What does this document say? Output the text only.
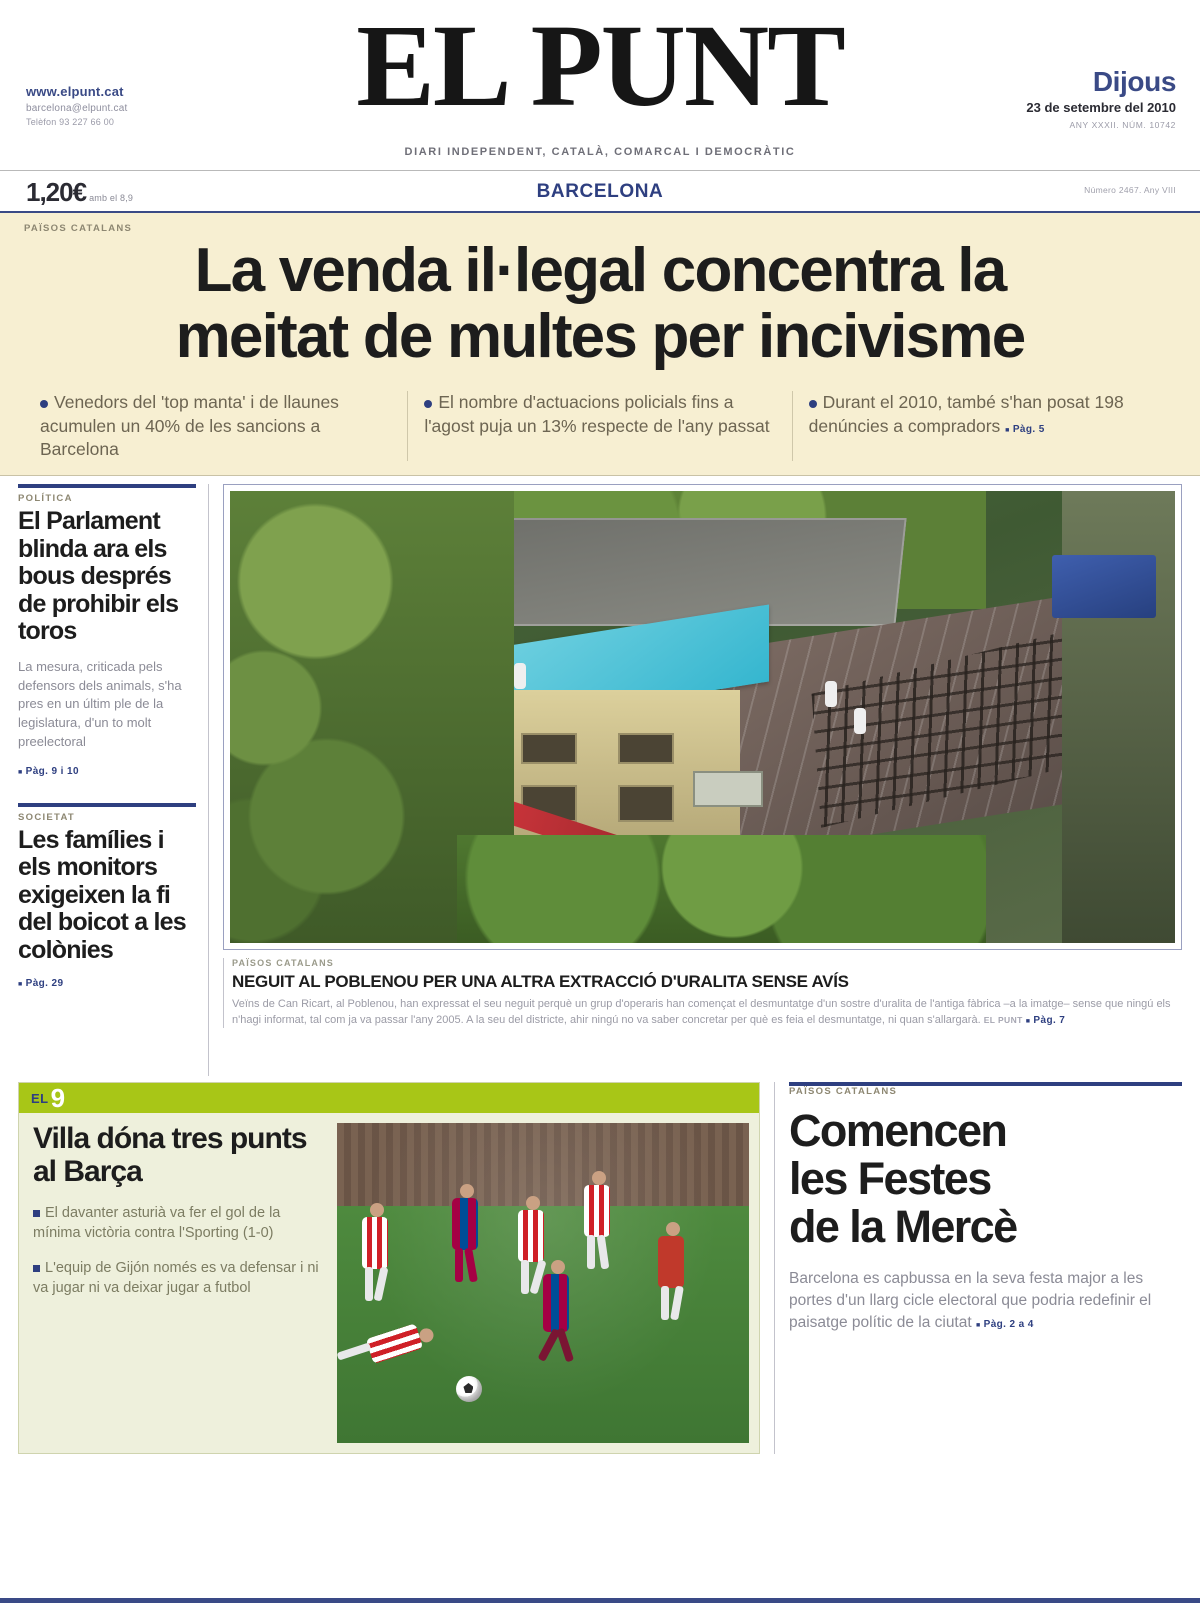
www.elpunt.cat
barcelona@elpunt.cat
Telèfon 93 227 66 00	EL PUNT
DIARI INDEPENDENT, CATALÀ, COMARCAL I DEMOCRÀTIC
Dijous
23 de setembre del 2010
ANY XXXII. NÚM. 10742
1,20€ amb el 8,9	BARCELONA	Número 2467. Any VIII
PAÏSOS CATALANS
La venda il·legal concentra la
meitat de multes per incivisme
Venedors del 'top manta' i de llaunes acumulen un 40% de les sancions a Barcelona
El nombre d'actuacions policials fins a l'agost puja un 13% respecte de l'any passat
Durant el 2010, també s'han posat 198 denúncies a compradors ■ Pàg. 5
POLÍTICA
El Parlament blinda ara els bous després de prohibir els toros

La mesura, criticada pels defensors dels animals, s'ha pres en un últim ple de la legislatura, d'un to molt preelectoral

■ Pàg. 9 i 10
SOCIETAT
Les famílies i els monitors exigeixen la fi del boicot a les colònies
■ Pàg. 29
PAÏSOS CATALANS
NEGUIT AL POBLENOU PER UNA ALTRA EXTRACCIÓ D'URALITA SENSE AVÍS
Veïns de Can Ricart, al Poblenou, han expressat el seu neguit perquè un grup d'operaris han començat el desmuntatge d'un sostre d'uralita de l'antiga fàbrica –a la imatge– sense que ningú els n'hagi informat, tal com ja va passar l'any 2005. A la seu del districte, ahir ningú no va saber concretar per què es feia el desmuntatge, ni quan s'allargarà. EL PUNT ■ Pàg. 7
EL 9
Villa dóna tres punts al Barça
El davanter asturià va fer el gol de la mínima victòria contra l'Sporting (1-0)
L'equip de Gijón només es va defensar i ni va jugar ni va deixar jugar a futbol
PAÏSOS CATALANS
Comencen
les Festes
de la Mercè

Barcelona es capbussa en la seva festa major a les portes d'un llarg cicle electoral que podria redefinir el paisatge polític de la ciutat ■ Pàg. 2 a 4
